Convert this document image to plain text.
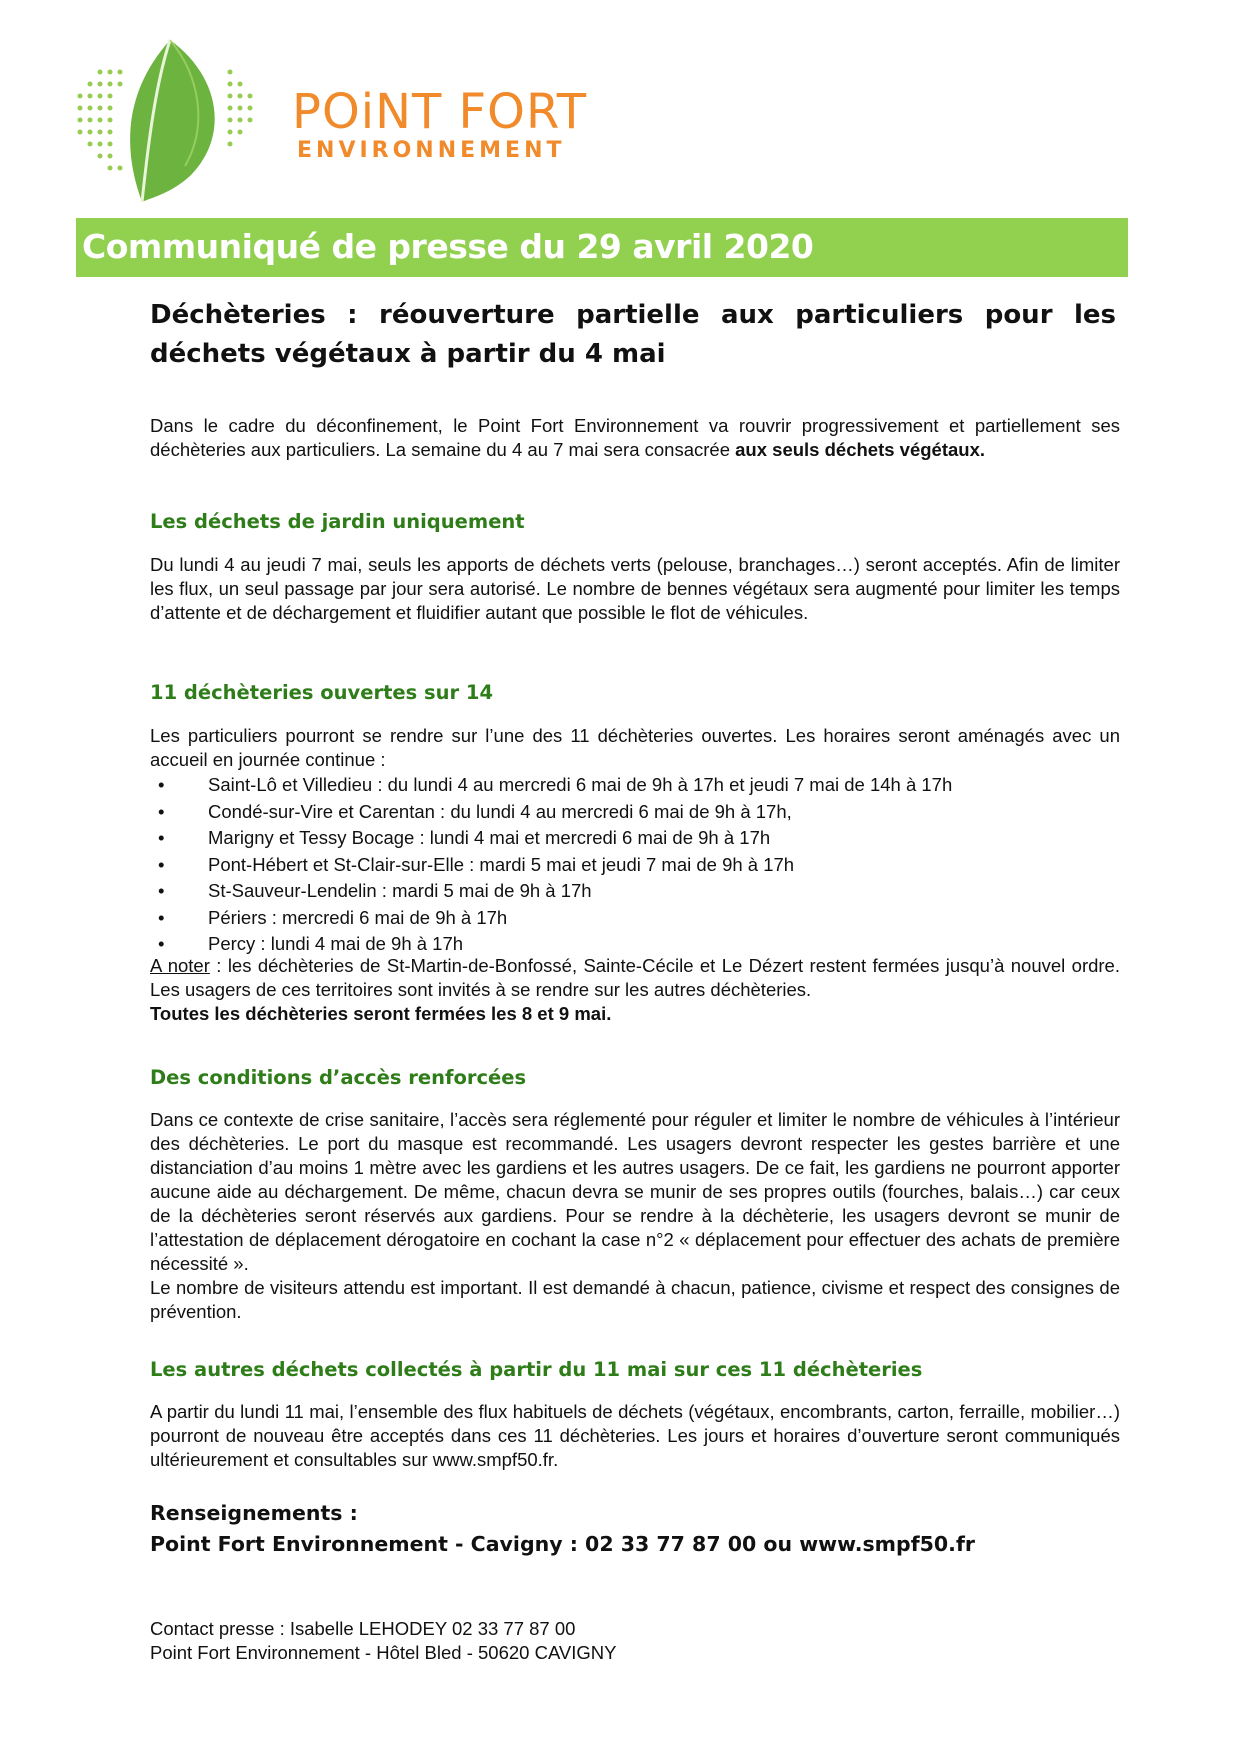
POiNT FORT
ENVIRONNEMENT
Communiqué de presse du 29 avril 2020
Déchèteries : réouverture partielle aux particuliers pour les déchets végétaux à partir du 4 mai
Dans le cadre du déconfinement, le Point Fort Environnement va rouvrir progressivement et partiellement ses déchèteries aux particuliers. La semaine du 4 au 7 mai sera consacrée aux seuls déchets végétaux.
Les déchets de jardin uniquement
Du lundi 4 au jeudi 7 mai, seuls les apports de déchets verts (pelouse, branchages…) seront acceptés. Afin de limiter les flux, un seul passage par jour sera autorisé. Le nombre de bennes végétaux sera augmenté pour limiter les temps d’attente et de déchargement et fluidifier autant que possible le flot de véhicules.
11 déchèteries ouvertes sur 14
Les particuliers pourront se rendre sur l’une des 11 déchèteries ouvertes. Les horaires seront aménagés avec un accueil en journée continue :
• Saint-Lô et Villedieu : du lundi 4 au mercredi 6 mai de 9h à 17h et jeudi 7 mai de 14h à 17h
• Condé-sur-Vire et Carentan : du lundi 4 au mercredi 6 mai de 9h à 17h,
• Marigny et Tessy Bocage : lundi 4 mai et mercredi 6 mai de 9h à 17h
• Pont-Hébert et St-Clair-sur-Elle : mardi 5 mai et jeudi 7 mai de 9h à 17h
• St-Sauveur-Lendelin : mardi 5 mai de 9h à 17h
• Périers : mercredi 6 mai de 9h à 17h
• Percy : lundi 4 mai de 9h à 17h
A noter : les déchèteries de St-Martin-de-Bonfossé, Sainte-Cécile et Le Dézert restent fermées jusqu’à nouvel ordre. Les usagers de ces territoires sont invités à se rendre sur les autres déchèteries.
Toutes les déchèteries seront fermées les 8 et 9 mai.
Des conditions d’accès renforcées
Dans ce contexte de crise sanitaire, l’accès sera réglementé pour réguler et limiter le nombre de véhicules à l’intérieur des déchèteries. Le port du masque est recommandé. Les usagers devront respecter les gestes barrière et une distanciation d’au moins 1 mètre avec les gardiens et les autres usagers. De ce fait, les gardiens ne pourront apporter aucune aide au déchargement. De même, chacun devra se munir de ses propres outils (fourches, balais…) car ceux de la déchèteries seront réservés aux gardiens. Pour se rendre à la déchèterie, les usagers devront se munir de l’attestation de déplacement dérogatoire en cochant la case n°2 « déplacement pour effectuer des achats de première nécessité ».
Le nombre de visiteurs attendu est important. Il est demandé à chacun, patience, civisme et respect des consignes de prévention.
Les autres déchets collectés à partir du 11 mai sur ces 11 déchèteries
A partir du lundi 11 mai, l’ensemble des flux habituels de déchets (végétaux, encombrants, carton, ferraille, mobilier…) pourront de nouveau être acceptés dans ces 11 déchèteries. Les jours et horaires d’ouverture seront communiqués ultérieurement et consultables sur www.smpf50.fr.
Renseignements :
Point Fort Environnement - Cavigny : 02 33 77 87 00 ou www.smpf50.fr
Contact presse : Isabelle LEHODEY 02 33 77 87 00
Point Fort Environnement - Hôtel Bled - 50620 CAVIGNY
